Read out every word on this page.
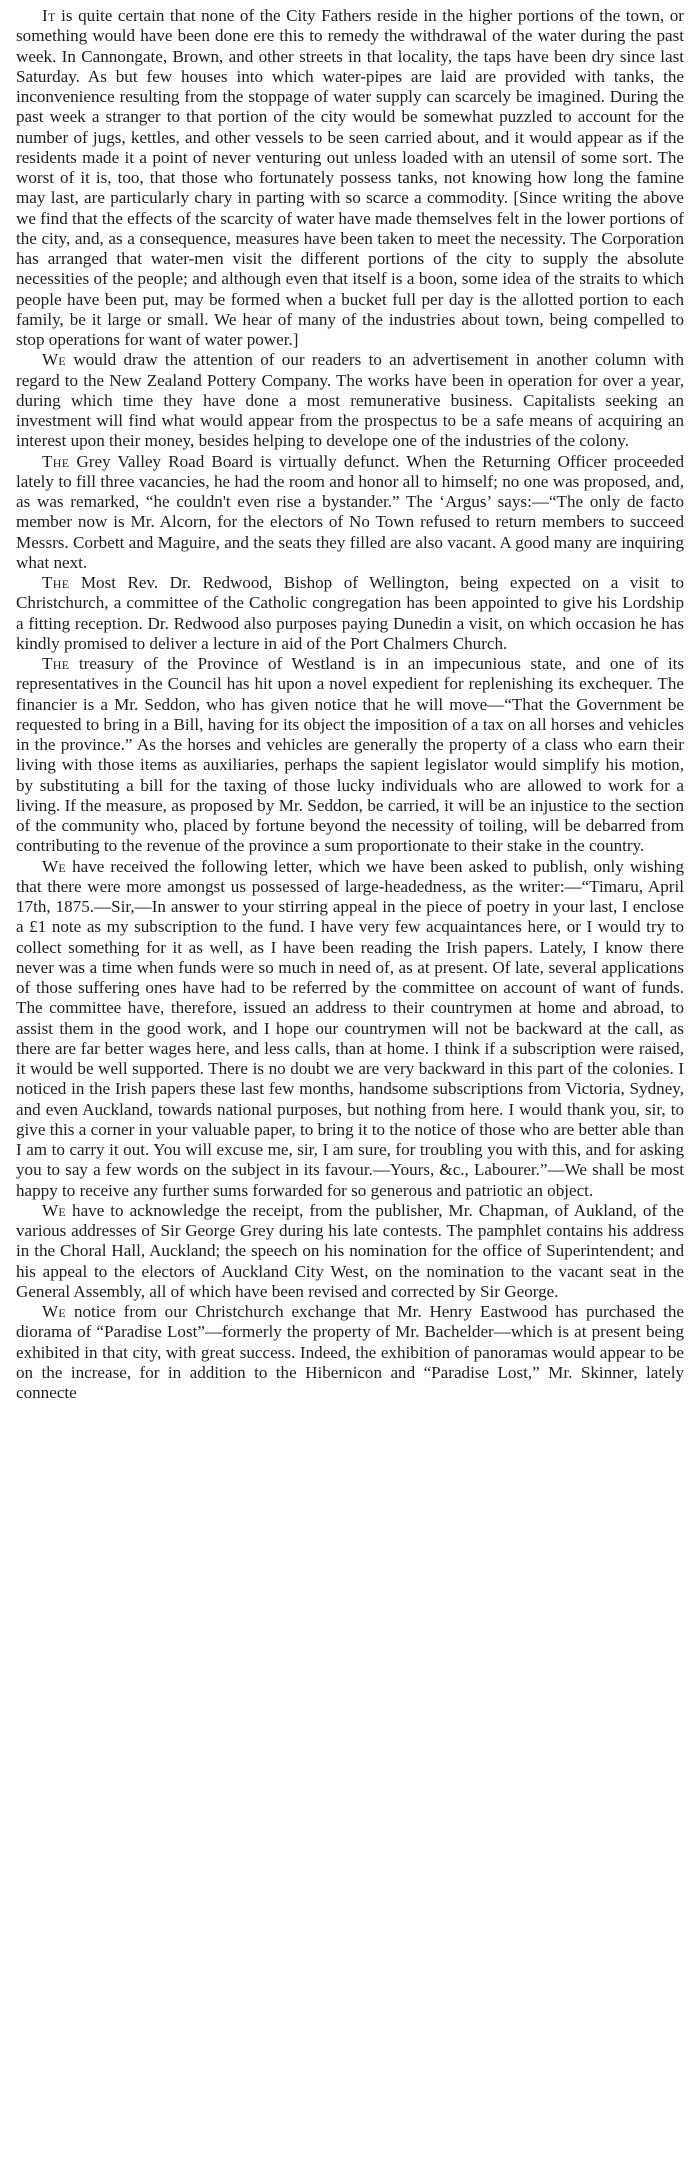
It is quite certain that none of the City Fathers reside in the higher portions of the town, or something would have been done ere this to remedy the withdrawal of the water during the past week. In Cannongate, Brown, and other streets in that locality, the taps have been dry since last Saturday. As but few houses into which water-pipes are laid are provided with tanks, the inconvenience resulting from the stoppage of water supply can scarcely be imagined. During the past week a stranger to that portion of the city would be somewhat puzzled to account for the number of jugs, kettles, and other vessels to be seen carried about, and it would appear as if the residents made it a point of never venturing out unless loaded with an utensil of some sort. The worst of it is, too, that those who fortunately possess tanks, not knowing how long the famine may last, are particularly chary in parting with so scarce a commodity. [Since writing the above we find that the effects of the scarcity of water have made themselves felt in the lower portions of the city, and, as a consequence, measures have been taken to meet the necessity. The Corporation has arranged that water-men visit the different portions of the city to supply the absolute necessities of the people; and although even that itself is a boon, some idea of the straits to which people have been put, may be formed when a bucket full per day is the allotted portion to each family, be it large or small. We hear of many of the industries about town, being compelled to stop operations for want of water power.]

We would draw the attention of our readers to an advertisement in another column with regard to the New Zealand Pottery Company. The works have been in operation for over a year, during which time they have done a most remunerative business. Capitalists seeking an investment will find what would appear from the prospectus to be a safe means of acquiring an interest upon their money, besides helping to develope one of the industries of the colony.

The Grey Valley Road Board is virtually defunct. When the Returning Officer proceeded lately to fill three vacancies, he had the room and honor all to himself; no one was proposed, and, as was remarked, “he couldn't even rise a bystander.” The ‘Argus’ says:—“The only de facto member now is Mr. Alcorn, for the electors of No Town refused to return members to succeed Messrs. Corbett and Maguire, and the seats they filled are also vacant. A good many are inquiring what next.

The Most Rev. Dr. Redwood, Bishop of Wellington, being expected on a visit to Christchurch, a committee of the Catholic congregation has been appointed to give his Lordship a fitting reception. Dr. Redwood also purposes paying Dunedin a visit, on which occasion he has kindly promised to deliver a lecture in aid of the Port Chalmers Church.

The treasury of the Province of Westland is in an impecunious state, and one of its representatives in the Council has hit upon a novel expedient for replenishing its exchequer. The financier is a Mr. Seddon, who has given notice that he will move—“That the Government be requested to bring in a Bill, having for its object the imposition of a tax on all horses and vehicles in the province.” As the horses and vehicles are generally the property of a class who earn their living with those items as auxiliaries, perhaps the sapient legislator would simplify his motion, by substituting a bill for the taxing of those lucky individuals who are allowed to work for a living. If the measure, as proposed by Mr. Seddon, be carried, it will be an injustice to the section of the community who, placed by fortune beyond the necessity of toiling, will be debarred from contributing to the revenue of the province a sum proportionate to their stake in the country.

We have received the following letter, which we have been asked to publish, only wishing that there were more amongst us possessed of large-headedness, as the writer:—“Timaru, April 17th, 1875.—Sir,—In answer to your stirring appeal in the piece of poetry in your last, I enclose a £1 note as my subscription to the fund. I have very few acquaintances here, or I would try to collect something for it as well, as I have been reading the Irish papers. Lately, I know there never was a time when funds were so much in need of, as at present. Of late, several applications of those suffering ones have had to be referred by the committee on account of want of funds. The committee have, therefore, issued an address to their countrymen at home and abroad, to assist them in the good work, and I hope our countrymen will not be backward at the call, as there are far better wages here, and less calls, than at home. I think if a subscription were raised, it would be well supported. There is no doubt we are very backward in this part of the colonies. I noticed in the Irish papers these last few months, handsome subscriptions from Victoria, Sydney, and even Auckland, towards national purposes, but nothing from here. I would thank you, sir, to give this a corner in your valuable paper, to bring it to the notice of those who are better able than I am to carry it out. You will excuse me, sir, I am sure, for troubling you with this, and for asking you to say a few words on the subject in its favour.—Yours, &c., Labourer.”—We shall be most happy to receive any further sums forwarded for so generous and patriotic an object.

We have to acknowledge the receipt, from the publisher, Mr. Chapman, of Aukland, of the various addresses of Sir George Grey during his late contests. The pamphlet contains his address in the Choral Hall, Auckland; the speech on his nomination for the office of Superintendent; and his appeal to the electors of Auckland City West, on the nomination to the vacant seat in the General Assembly, all of which have been revised and corrected by Sir George.

We notice from our Christchurch exchange that Mr. Henry Eastwood has purchased the diorama of “Paradise Lost”—formerly the property of Mr. Bachelder—which is at present being exhibited in that city, with great success. Indeed, the exhibition of panoramas would appear to be on the increase, for in addition to the Hibernicon and “Paradise Lost,” Mr. Skinner, lately connecte
